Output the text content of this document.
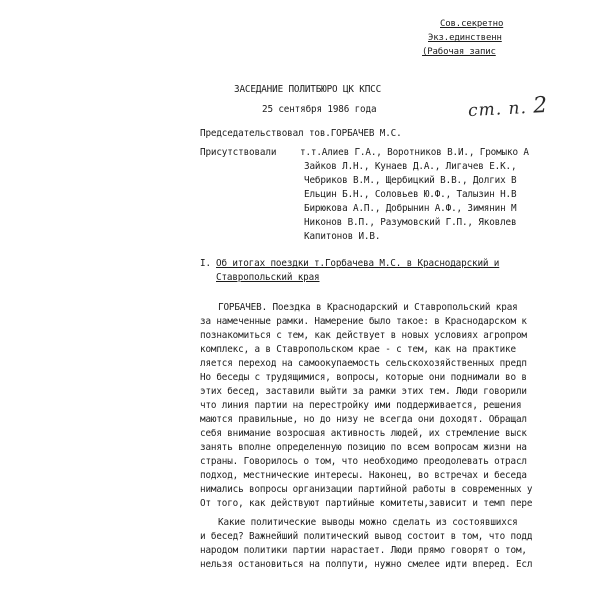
Сов.секретно
Экз.единственн
(Рабочая запис
ЗАСЕДАНИЕ ПОЛИТБЮРО ЦК КПСС
25 сентября 1986 года	ст. п. 2
Председательствовал тов.ГОРБАЧЕВ М.С.
Присутствовали	т.т.Алиев Г.А., Воротников В.И., Громыко А
Зайков Л.Н., Кунаев Д.А., Лигачев Е.К.,
Чебриков В.М., Щербицкий В.В., Долгих В
Ельцин Б.Н., Соловьев Ю.Ф., Талызин Н.В
Бирюкова А.П., Добрынин А.Ф., Зимянин М
Никонов В.П., Разумовский Г.П., Яковлев
Капитонов И.В.
I. Об итогах поездки т.Горбачева М.С. в Краснодарский и
Ставропольский края
ГОРБАЧЕВ. Поездка в Краснодарский и Ставропольский края
за намеченные рамки. Намерение было такое: в Краснодарском к
познакомиться с тем, как действует в новых условиях агропром
комплекс, а в Ставропольском крае - с тем, как на практике
ляется переход на самоокупаемость сельскохозяйственных предп
Но беседы с трудящимися, вопросы, которые они поднимали во в
этих бесед, заставили выйти за рамки этих тем. Люди говорили
что линия партии на перестройку ими поддерживается, решения
маются правильные, но до низу не всегда они доходят. Обращал
себя внимание возросшая активность людей, их стремление выск
занять вполне определенную позицию по всем вопросам жизни на
страны. Говорилось о том, что необходимо преодолевать отрасл
подход, местнические интересы. Наконец, во встречах и беседа
нимались вопросы организации партийной работы в современных у
От того, как действуют партийные комитеты,зависит и темп пере
Какие политические выводы можно сделать из состоявшихся
и бесед? Важнейший политический вывод состоит в том, что подд
народом политики партии нарастает. Люди прямо говорят о том,
нельзя остановиться на полпути, нужно смелее идти вперед. Есл
